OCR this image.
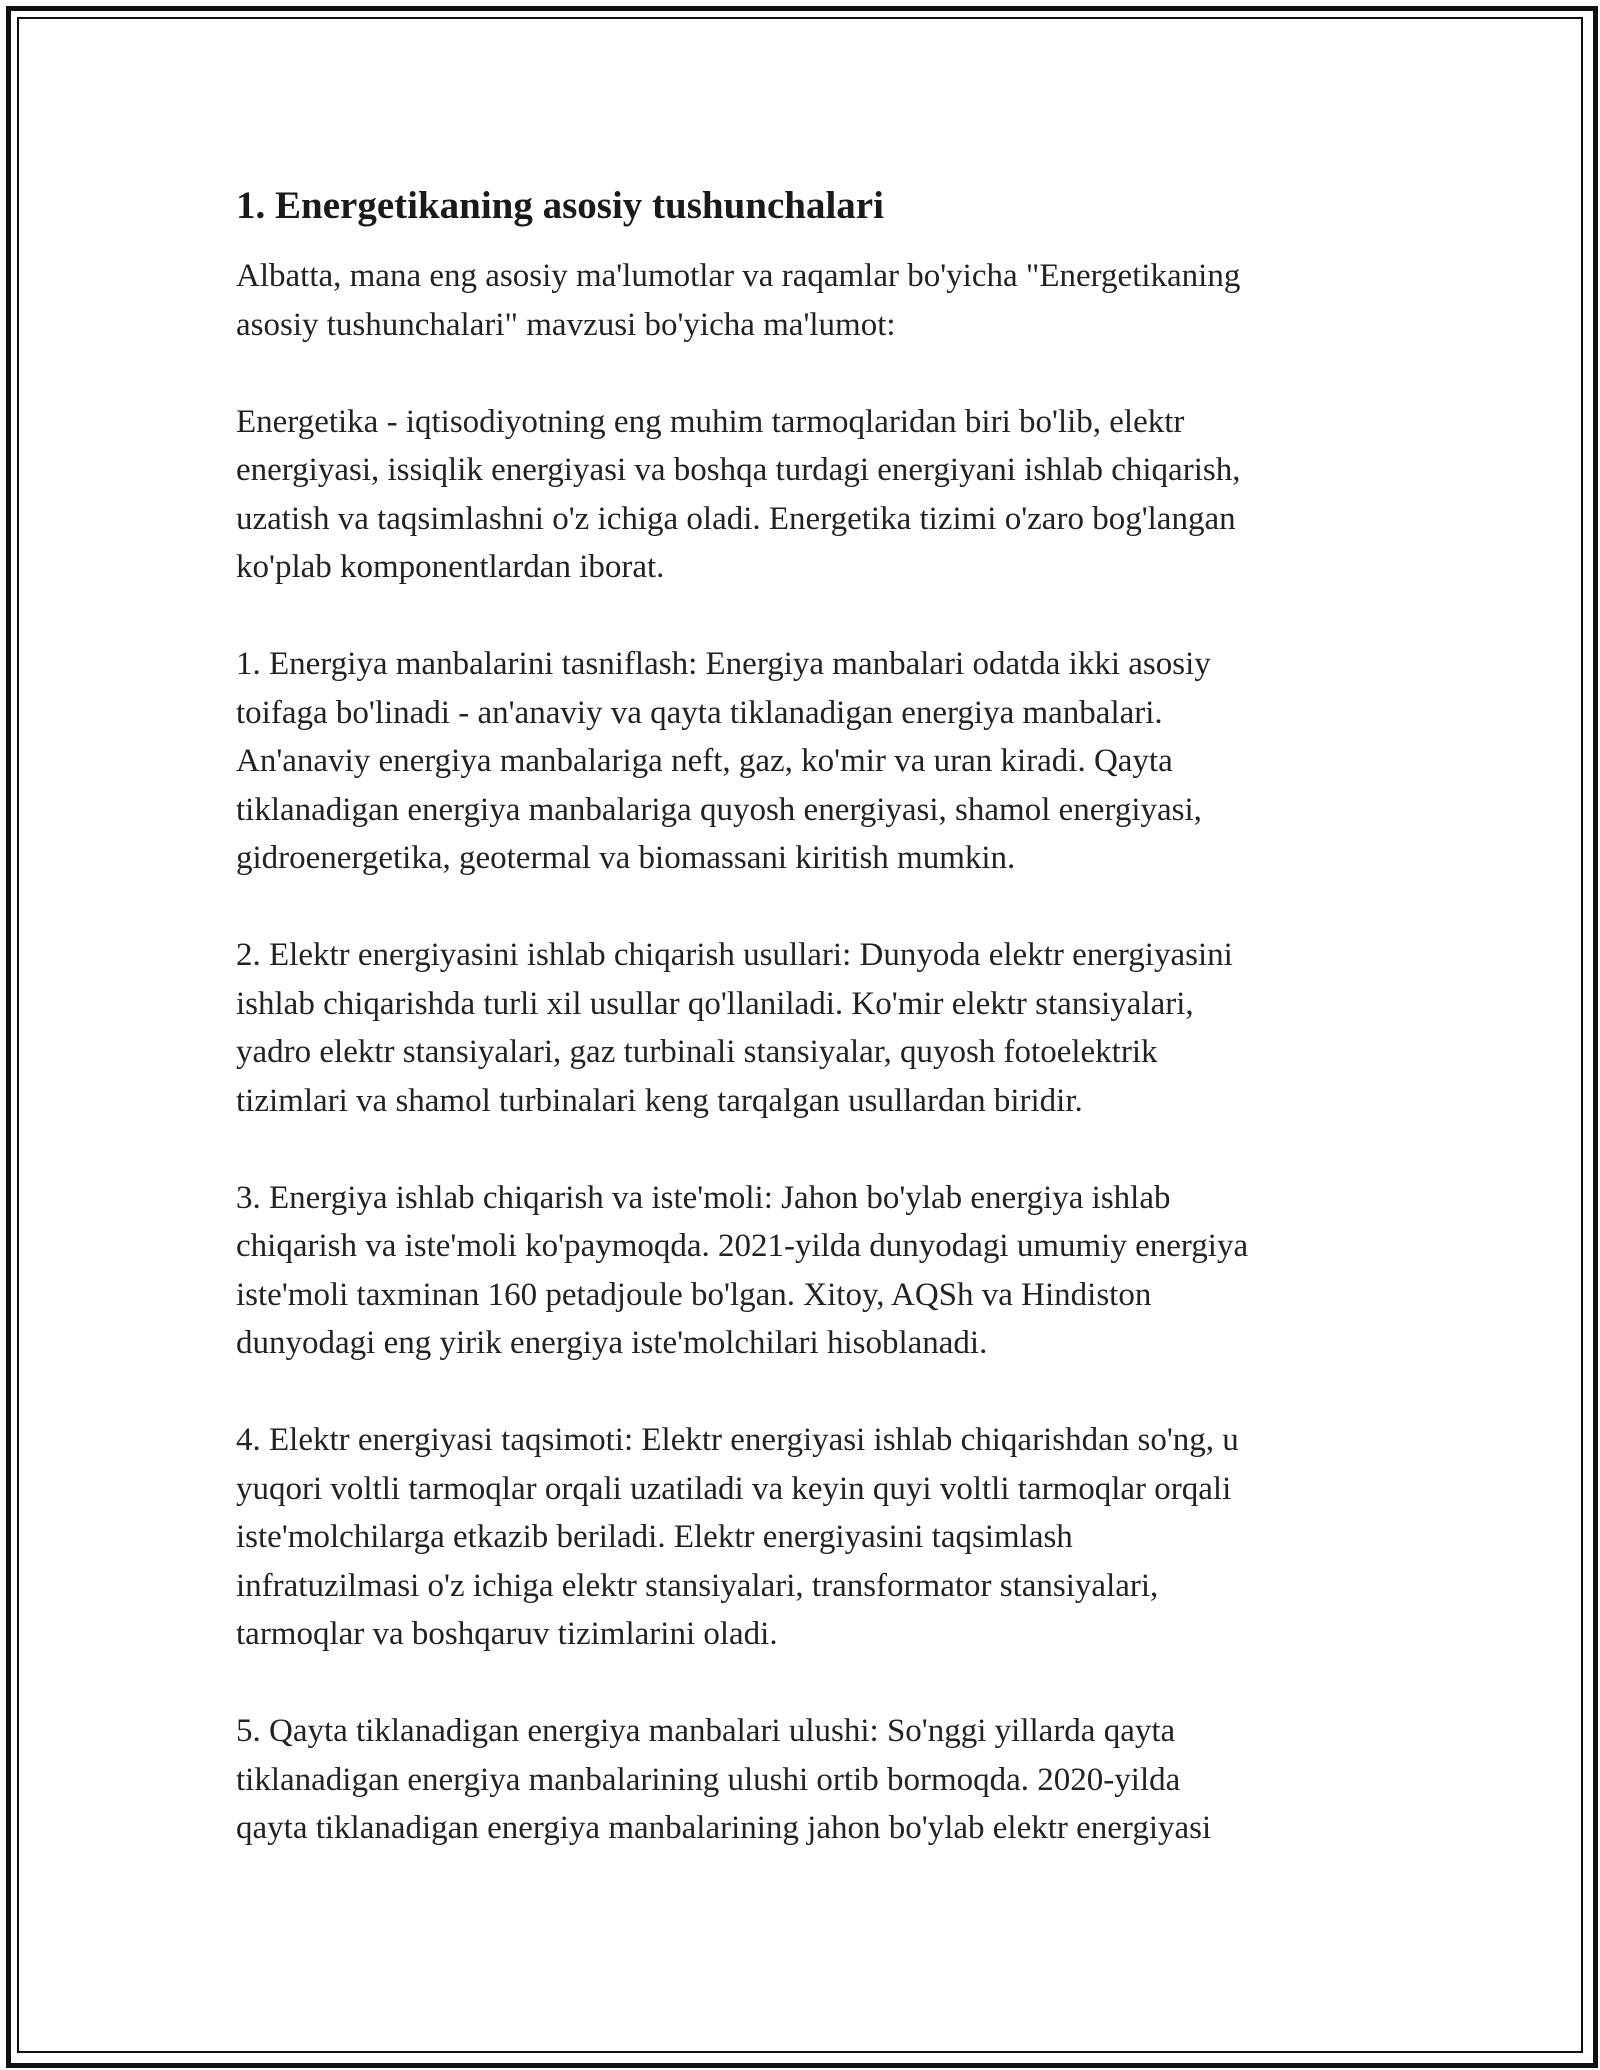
1. Energetikaning asosiy tushunchalari

Albatta, mana eng asosiy ma'lumotlar va raqamlar bo'yicha "Energetikaning
asosiy tushunchalari" mavzusi bo'yicha ma'lumot:

Energetika - iqtisodiyotning eng muhim tarmoqlaridan biri bo'lib, elektr
energiyasi, issiqlik energiyasi va boshqa turdagi energiyani ishlab chiqarish,
uzatish va taqsimlashni o'z ichiga oladi. Energetika tizimi o'zaro bog'langan
ko'plab komponentlardan iborat.

1. Energiya manbalarini tasniflash: Energiya manbalari odatda ikki asosiy
toifaga bo'linadi - an'anaviy va qayta tiklanadigan energiya manbalari.
An'anaviy energiya manbalariga neft, gaz, ko'mir va uran kiradi. Qayta
tiklanadigan energiya manbalariga quyosh energiyasi, shamol energiyasi,
gidroenergetika, geotermal va biomassani kiritish mumkin.

2. Elektr energiyasini ishlab chiqarish usullari: Dunyoda elektr energiyasini
ishlab chiqarishda turli xil usullar qo'llaniladi. Ko'mir elektr stansiyalari,
yadro elektr stansiyalari, gaz turbinali stansiyalar, quyosh fotoelektrik
tizimlari va shamol turbinalari keng tarqalgan usullardan biridir.

3. Energiya ishlab chiqarish va iste'moli: Jahon bo'ylab energiya ishlab
chiqarish va iste'moli ko'paymoqda. 2021-yilda dunyodagi umumiy energiya
iste'moli taxminan 160 petadjoule bo'lgan. Xitoy, AQSh va Hindiston
dunyodagi eng yirik energiya iste'molchilari hisoblanadi.

4. Elektr energiyasi taqsimoti: Elektr energiyasi ishlab chiqarishdan so'ng, u
yuqori voltli tarmoqlar orqali uzatiladi va keyin quyi voltli tarmoqlar orqali
iste'molchilarga etkazib beriladi. Elektr energiyasini taqsimlash
infratuzilmasi o'z ichiga elektr stansiyalari, transformator stansiyalari,
tarmoqlar va boshqaruv tizimlarini oladi.

5. Qayta tiklanadigan energiya manbalari ulushi: So'nggi yillarda qayta
tiklanadigan energiya manbalarining ulushi ortib bormoqda. 2020-yilda
qayta tiklanadigan energiya manbalarining jahon bo'ylab elektr energiyasi
